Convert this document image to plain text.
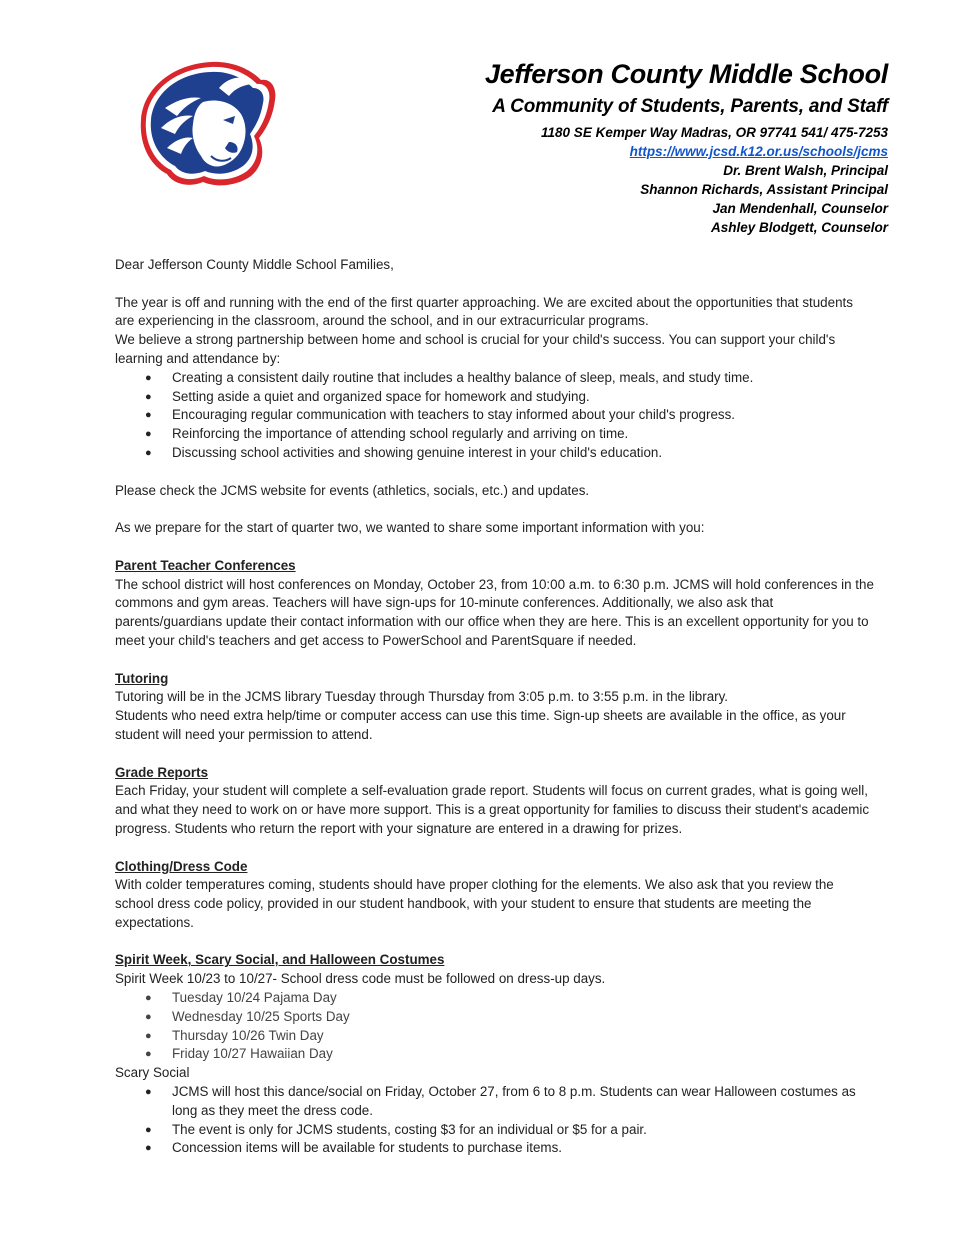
Jefferson County Middle School
A Community of Students, Parents, and Staff
1180 SE Kemper Way Madras, OR 97741 541/ 475-7253
https://www.jcsd.k12.or.us/schools/jcms
Dr. Brent Walsh, Principal
Shannon Richards, Assistant Principal
Jan Mendenhall, Counselor
Ashley Blodgett, Counselor

Dear Jefferson County Middle School Families,

The year is off and running with the end of the first quarter approaching. We are excited about the opportunities that students are experiencing in the classroom, around the school, and in our extracurricular programs.

We believe a strong partnership between home and school is crucial for your child's success. You can support your child's learning and attendance by:

● Creating a consistent daily routine that includes a healthy balance of sleep, meals, and study time.
● Setting aside a quiet and organized space for homework and studying.
● Encouraging regular communication with teachers to stay informed about your child's progress.
● Reinforcing the importance of attending school regularly and arriving on time.
● Discussing school activities and showing genuine interest in your child's education.

Please check the JCMS website for events (athletics, socials, etc.) and updates.

As we prepare for the start of quarter two, we wanted to share some important information with you:

Parent Teacher Conferences

The school district will host conferences on Monday, October 23, from 10:00 a.m. to 6:30 p.m. JCMS will hold conferences in the commons and gym areas. Teachers will have sign-ups for 10-minute conferences. Additionally, we also ask that parents/guardians update their contact information with our office when they are here. This is an excellent opportunity for you to meet your child's teachers and get access to PowerSchool and ParentSquare if needed.

Tutoring

Tutoring will be in the JCMS library Tuesday through Thursday from 3:05 p.m. to 3:55 p.m. in the library.

Students who need extra help/time or computer access can use this time. Sign-up sheets are available in the office, as your student will need your permission to attend.

Grade Reports

Each Friday, your student will complete a self-evaluation grade report. Students will focus on current grades, what is going well, and what they need to work on or have more support. This is a great opportunity for families to discuss their student's academic progress. Students who return the report with your signature are entered in a drawing for prizes.

Clothing/Dress Code

With colder temperatures coming, students should have proper clothing for the elements. We also ask that you review the school dress code policy, provided in our student handbook, with your student to ensure that students are meeting the expectations.

Spirit Week, Scary Social, and Halloween Costumes

Spirit Week 10/23 to 10/27- School dress code must be followed on dress-up days.

● Tuesday 10/24 Pajama Day
● Wednesday 10/25 Sports Day
● Thursday 10/26 Twin Day
● Friday 10/27 Hawaiian Day

Scary Social

● JCMS will host this dance/social on Friday, October 27, from 6 to 8 p.m. Students can wear Halloween costumes as long as they meet the dress code.
● The event is only for JCMS students, costing $3 for an individual or $5 for a pair.
● Concession items will be available for students to purchase items.
